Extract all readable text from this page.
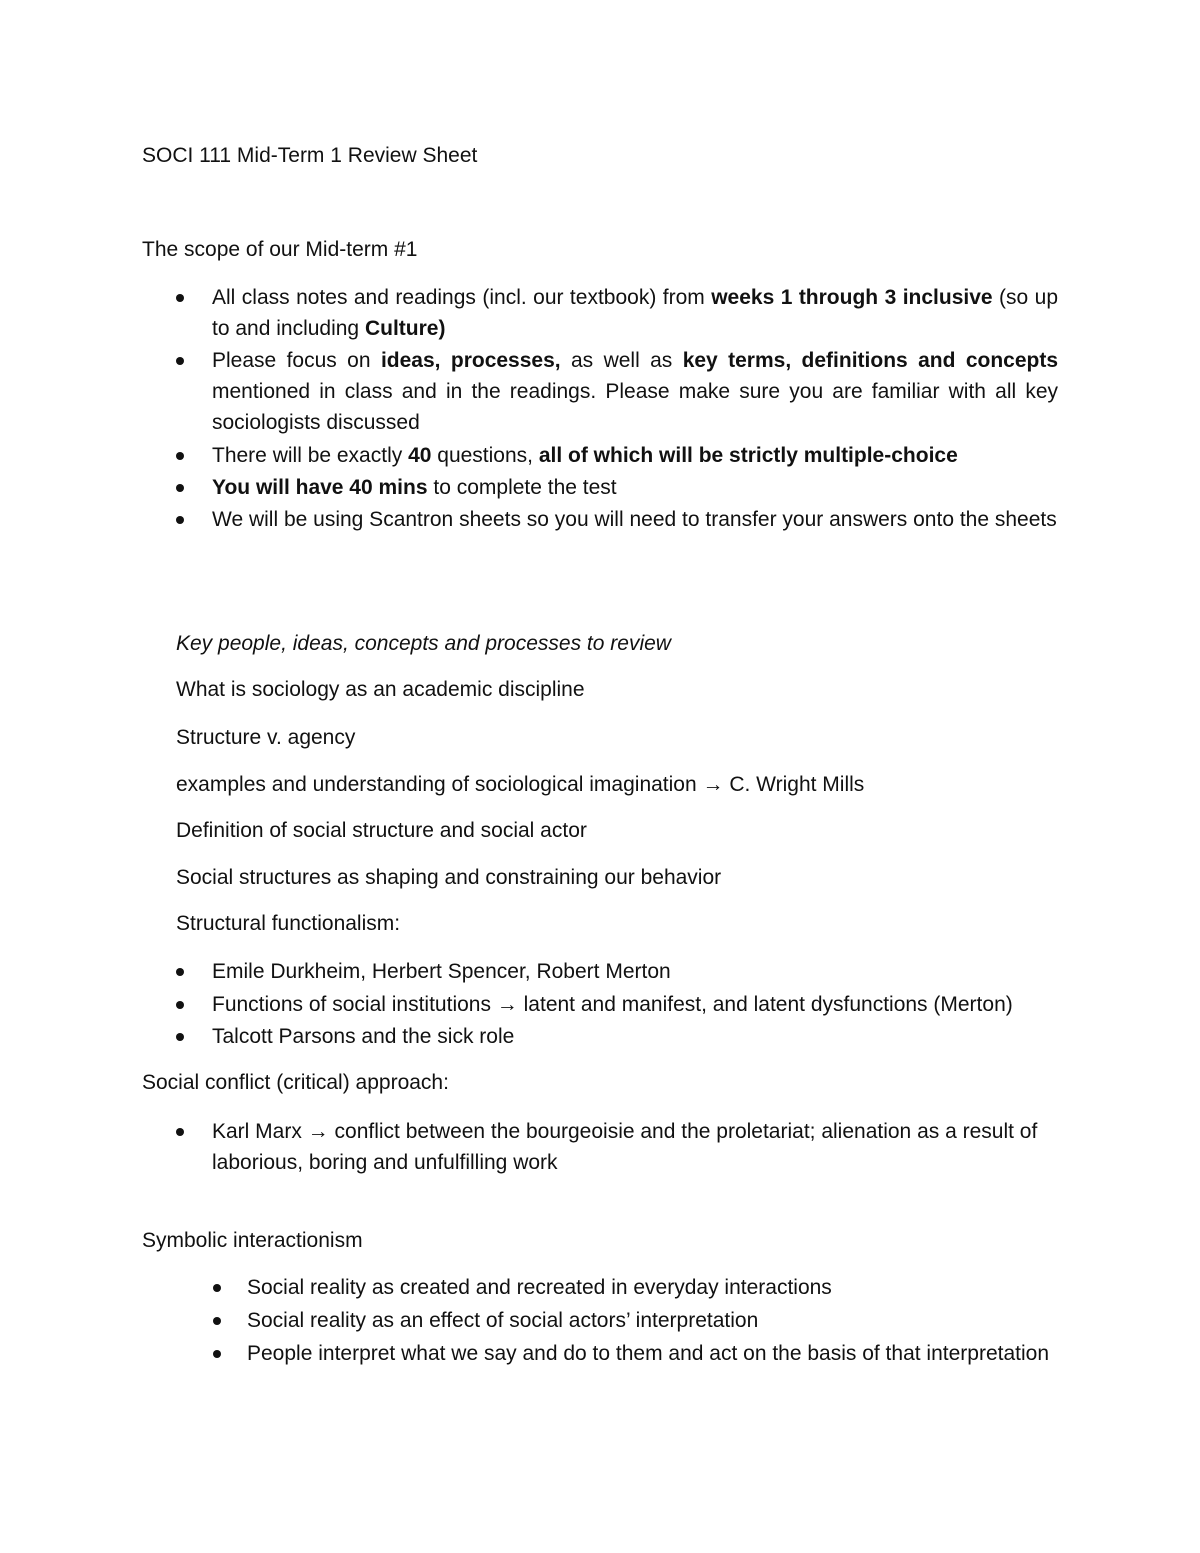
SOCI 111 Mid-Term 1 Review Sheet
The scope of our Mid-term #1
All class notes and readings (incl. our textbook) from weeks 1 through 3 inclusive (so up to and including Culture)
Please focus on ideas, processes, as well as key terms, definitions and concepts mentioned in class and in the readings. Please make sure you are familiar with all key sociologists discussed
There will be exactly 40 questions, all of which will be strictly multiple-choice
You will have 40 mins to complete the test
We will be using Scantron sheets so you will need to transfer your answers onto the sheets
Key people, ideas, concepts and processes to review
What is sociology as an academic discipline
Structure v. agency
examples and understanding of sociological imagination → C. Wright Mills
Definition of social structure and social actor
Social structures as shaping and constraining our behavior
Structural functionalism:
Emile Durkheim, Herbert Spencer, Robert Merton
Functions of social institutions → latent and manifest, and latent dysfunctions (Merton)
Talcott Parsons and the sick role
Social conflict (critical) approach:
Karl Marx → conflict between the bourgeoisie and the proletariat; alienation as a result of laborious, boring and unfulfilling work
Symbolic interactionism
Social reality as created and recreated in everyday interactions
Social reality as an effect of social actors’ interpretation
People interpret what we say and do to them and act on the basis of that interpretation
